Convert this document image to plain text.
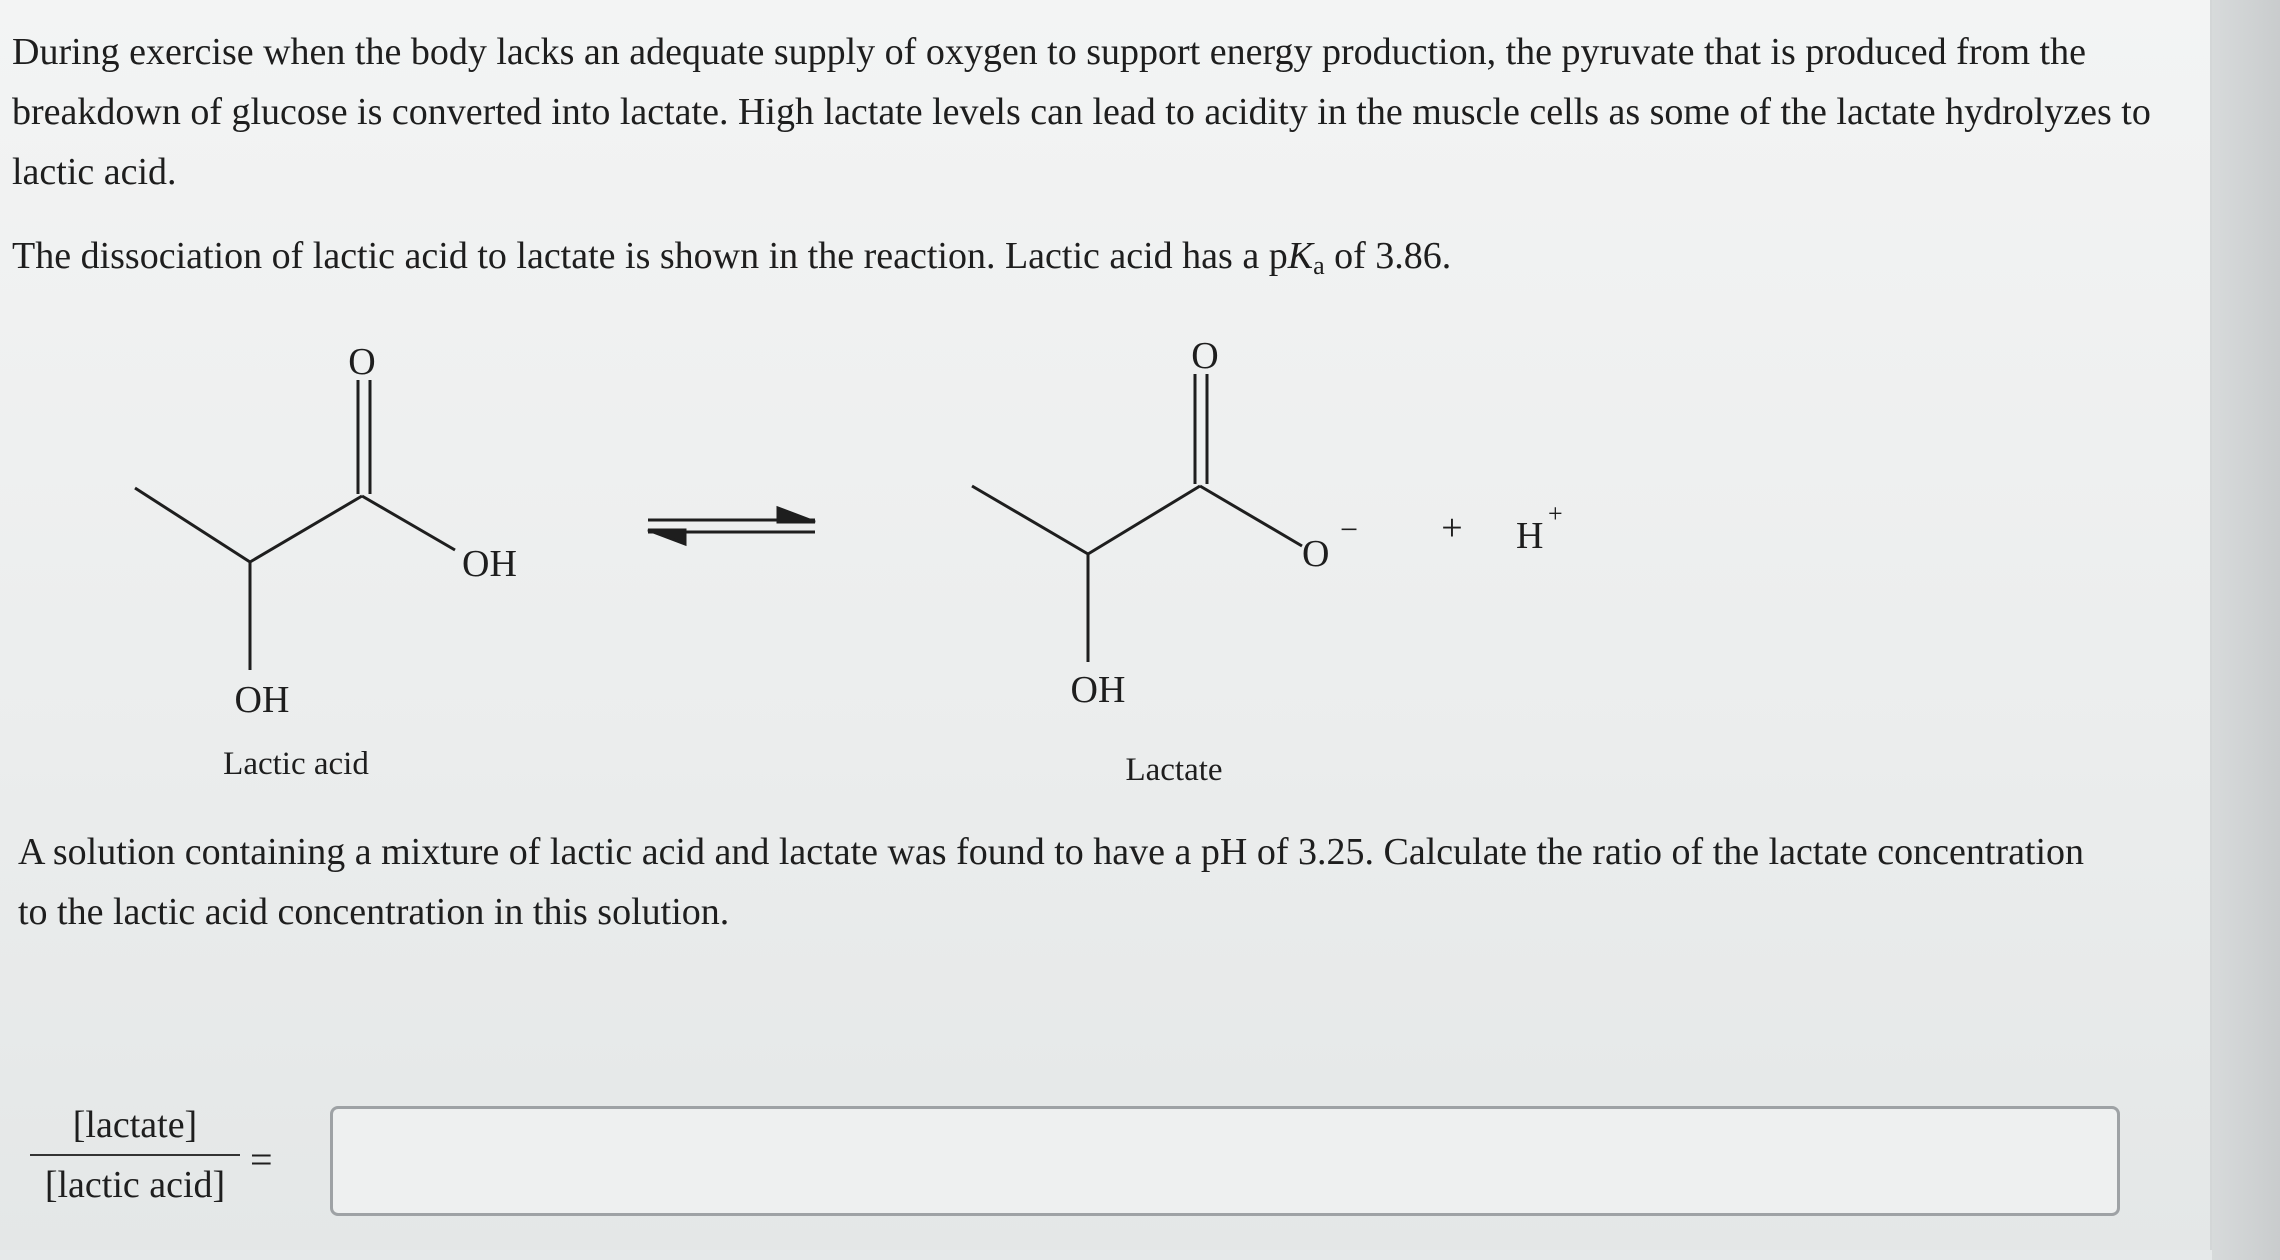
During exercise when the body lacks an adequate supply of oxygen to support energy production, the pyruvate that is produced from the breakdown of glucose is converted into lactate. High lactate levels can lead to acidity in the muscle cells as some of the lactate hydrolyzes to lactic acid.

The dissociation of lactic acid to lactate is shown in the reaction. Lactic acid has a $pK_a$ of 3.86.

O
OH
OH
Lactic acid
O
O
−
OH
Lactate
+ H
+

A solution containing a mixture of lactic acid and lactate was found to have a pH of 3.25. Calculate the ratio of the lactate concentration to the lactic acid concentration in this solution.

[lactate]
[lactic acid]
=
